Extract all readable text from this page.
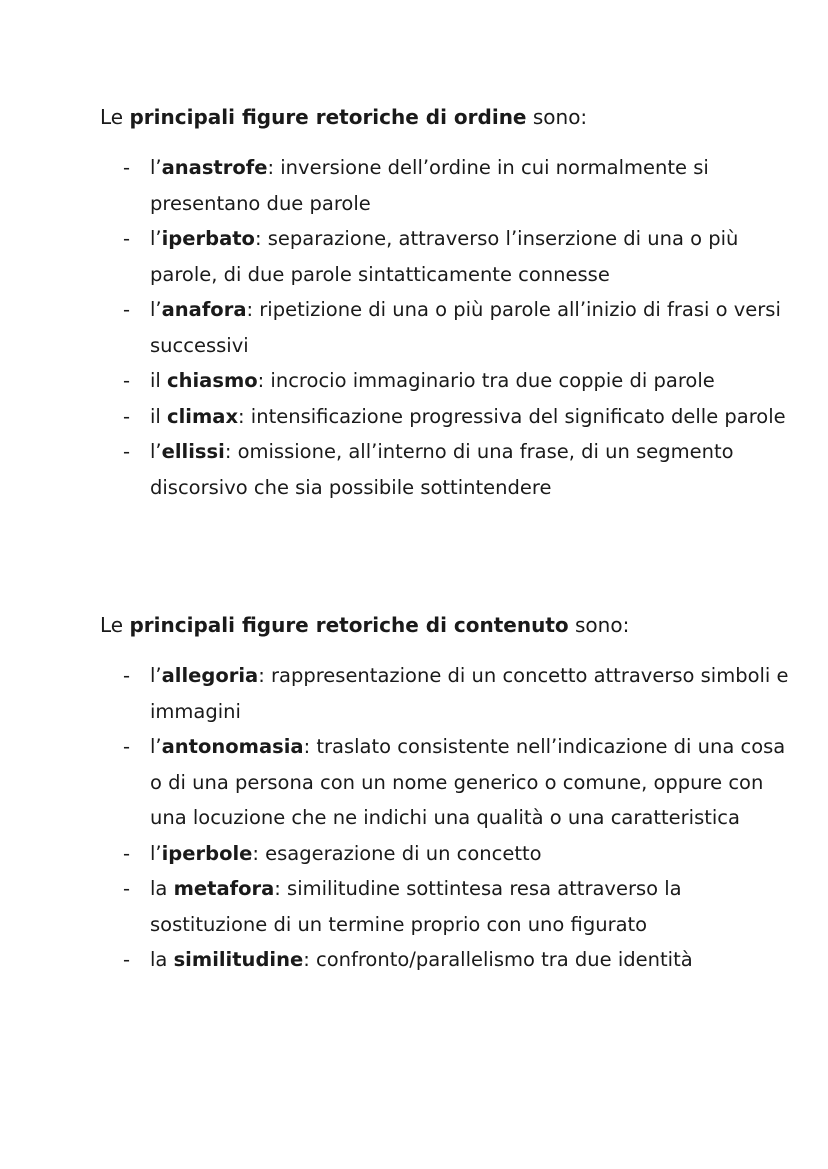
Le principali figure retoriche di ordine sono:

- l’anastrofe: inversione dell’ordine in cui normalmente si presentano due parole
- l’iperbato: separazione, attraverso l’inserzione di una o più parole, di due parole sintatticamente connesse
- l’anafora: ripetizione di una o più parole all’inizio di frasi o versi successivi
- il chiasmo: incrocio immaginario tra due coppie di parole
- il climax: intensificazione progressiva del significato delle parole
- l’ellissi: omissione, all’interno di una frase, di un segmento discorsivo che sia possibile sottintendere

Le principali figure retoriche di contenuto sono:

- l’allegoria: rappresentazione di un concetto attraverso simboli e immagini
- l’antonomasia: traslato consistente nell’indicazione di una cosa o di una persona con un nome generico o comune, oppure con una locuzione che ne indichi una qualità o una caratteristica
- l’iperbole: esagerazione di un concetto
- la metafora: similitudine sottintesa resa attraverso la sostituzione di un termine proprio con uno figurato
- la similitudine: confronto/parallelismo tra due identità
